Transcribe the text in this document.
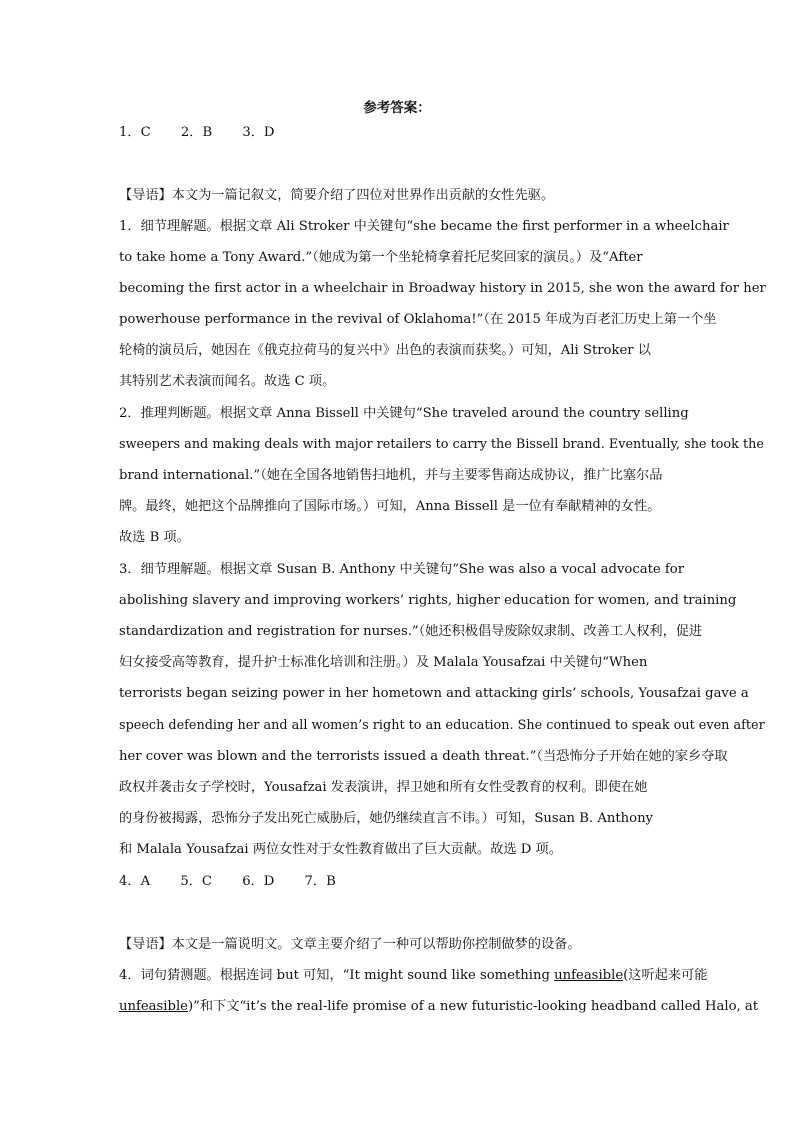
参考答案：
1．C 2．B 3．D
【导语】本文为一篇记叙文，简要介绍了四位对世界作出贡献的女性先驱。
1．细节理解题。根据文章 Ali Stroker 中关键句“she became the first performer in a wheelchair
to take home a Tony Award.”（她成为第一个坐轮椅拿着托尼奖回家的演员。）及“After
becoming the first actor in a wheelchair in Broadway history in 2015, she won the award for her
powerhouse performance in the revival of Oklahoma!”（在 2015 年成为百老汇历史上第一个坐
轮椅的演员后，她因在《俄克拉荷马的复兴中》出色的表演而获奖。）可知，Ali Stroker 以
其特别艺术表演而闻名。故选 C 项。
2．推理判断题。根据文章 Anna Bissell 中关键句“She traveled around the country selling
sweepers and making deals with major retailers to carry the Bissell brand. Eventually, she took the
brand international.”（她在全国各地销售扫地机，并与主要零售商达成协议，推广比塞尔品
牌。最终，她把这个品牌推向了国际市场。）可知，Anna Bissell 是一位有奉献精神的女性。
故选 B 项。
3．细节理解题。根据文章 Susan B. Anthony 中关键句“She was also a vocal advocate for
abolishing slavery and improving workers’ rights, higher education for women, and training
standardization and registration for nurses.”（她还积极倡导废除奴隶制、改善工人权利，促进
妇女接受高等教育，提升护士标准化培训和注册。）及 Malala Yousafzai 中关键句“When
terrorists began seizing power in her hometown and attacking girls’ schools, Yousafzai gave a
speech defending her and all women’s right to an education. She continued to speak out even after
her cover was blown and the terrorists issued a death threat.”（当恐怖分子开始在她的家乡夺取
政权并袭击女子学校时，Yousafzai 发表演讲，捍卫她和所有女性受教育的权利。即使在她
的身份被揭露，恐怖分子发出死亡威胁后，她仍继续直言不讳。）可知，Susan B. Anthony
和 Malala Yousafzai 两位女性对于女性教育做出了巨大贡献。故选 D 项。
4．A 5．C 6．D 7．B
【导语】本文是一篇说明文。文章主要介绍了一种可以帮助你控制做梦的设备。
4．词句猜测题。根据连词 but 可知，“It might sound like something unfeasible(这听起来可能
unfeasible)”和下文“it’s the real-life promise of a new futuristic-looking headband called Halo, at
